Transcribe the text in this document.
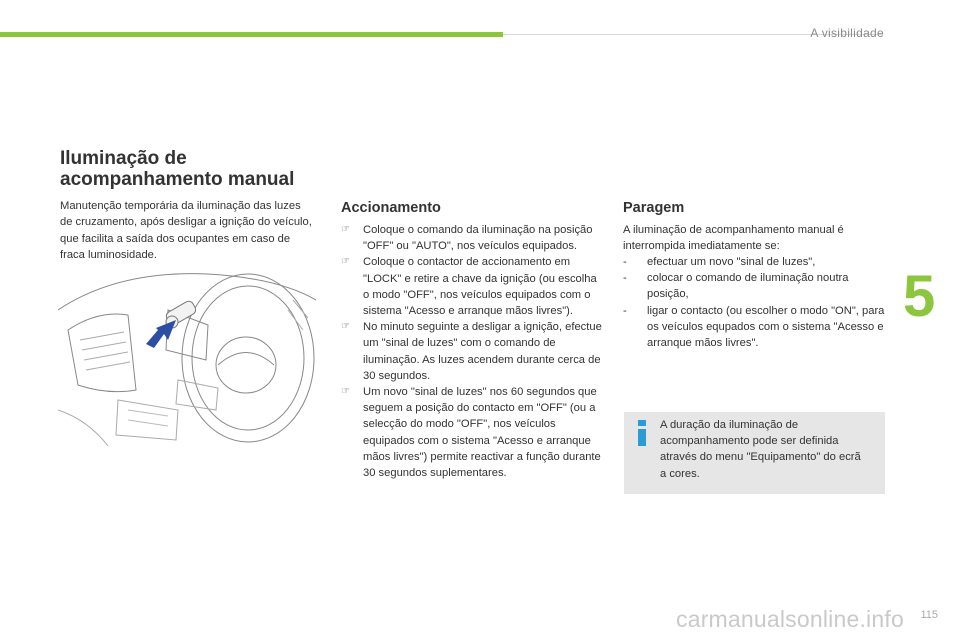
A visibilidade
5
115
carmanualsonline.info
Iluminação de
acompanhamento manual

Manutenção temporária da iluminação das luzes de cruzamento, após desligar a ignição do veículo, que facilita a saída dos ocupantes em caso de fraca luminosidade.

Accionamento
☞	Coloque o comando da iluminação na posição "OFF" ou "AUTO", nos veículos equipados.
☞	Coloque o contactor de accionamento em "LOCK" e retire a chave da ignição (ou escolha o modo "OFF", nos veículos equipados com o sistema "Acesso e arranque mãos livres").
☞	No minuto seguinte a desligar a ignição, efectue um "sinal de luzes" com o comando de iluminação. As luzes acendem durante cerca de 30 segundos.
☞	Um novo "sinal de luzes" nos 60 segundos que seguem a posição do contacto em "OFF" (ou a selecção do modo "OFF", nos veículos equipados com o sistema "Acesso e arranque mãos livres") permite reactivar a função durante 30 segundos suplementares.
Paragem

A iluminação de acompanhamento manual é interrompida imediatamente se:

- efectuar um novo "sinal de luzes",
- colocar o comando de iluminação noutra posição,
- ligar o contacto (ou escolher o modo "ON", para os veículos equpados com o sistema "Acesso e arranque mãos livres".

A duração da iluminação de acompanhamento pode ser definida através do menu "Equipamento" do ecrã a cores.
